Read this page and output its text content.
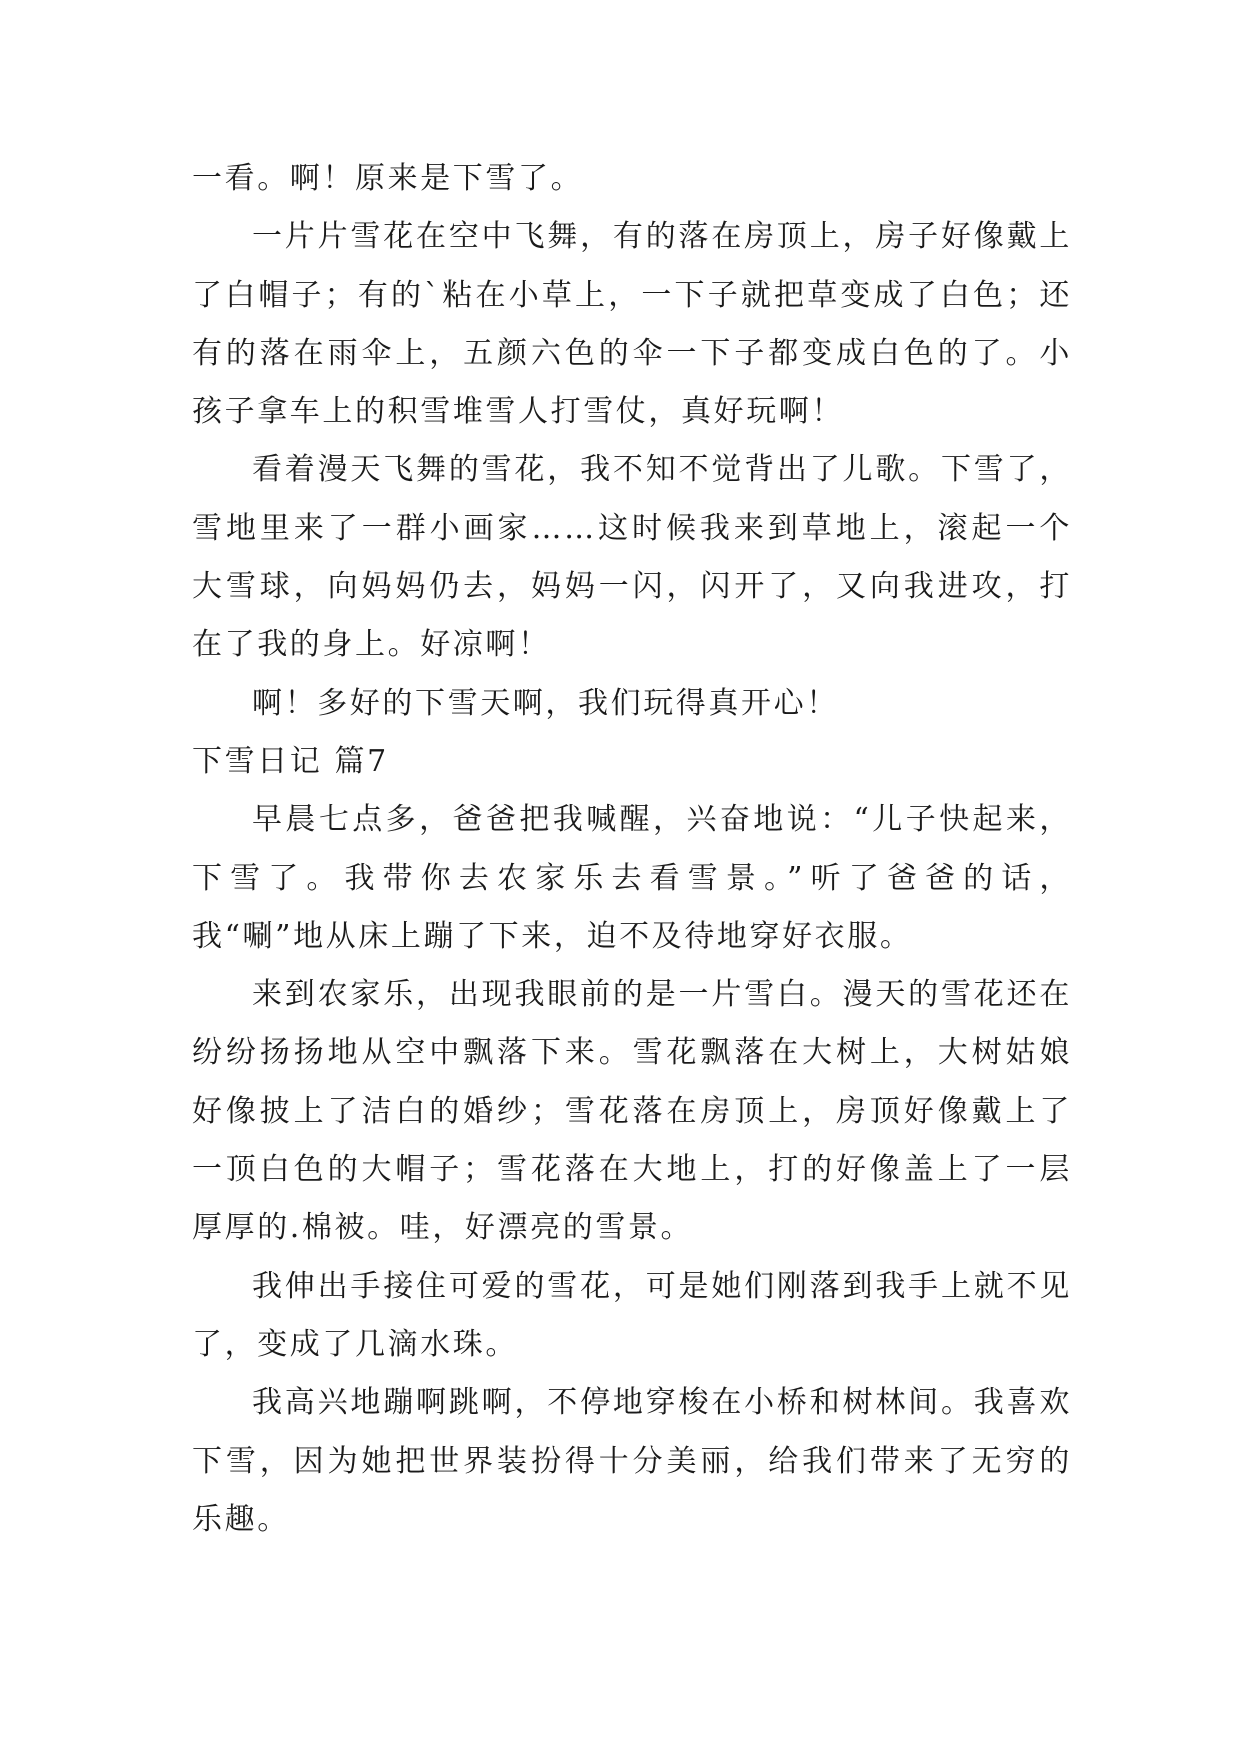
一看。啊！原来是下雪了。

一片片雪花在空中飞舞，有的落在房顶上，房子好像戴上了白帽子；有的`粘在小草上，一下子就把草变成了白色；还有的落在雨伞上，五颜六色的伞一下子都变成白色的了。小孩子拿车上的积雪堆雪人打雪仗，真好玩啊！

看着漫天飞舞的雪花，我不知不觉背出了儿歌。下雪了，雪地里来了一群小画家……这时候我来到草地上，滚起一个大雪球，向妈妈仍去，妈妈一闪，闪开了，又向我进攻，打在了我的身上。好凉啊！

啊！多好的下雪天啊，我们玩得真开心！

下雪日记 篇7

早晨七点多，爸爸把我喊醒，兴奋地说：“儿子快起来，下雪了。我带你去农家乐去看雪景。”听了爸爸的话，我“唰”地从床上蹦了下来，迫不及待地穿好衣服。

来到农家乐，出现我眼前的是一片雪白。漫天的雪花还在纷纷扬扬地从空中飘落下来。雪花飘落在大树上，大树姑娘好像披上了洁白的婚纱；雪花落在房顶上，房顶好像戴上了一顶白色的大帽子；雪花落在大地上，打的好像盖上了一层厚厚的.棉被。哇，好漂亮的雪景。

我伸出手接住可爱的雪花，可是她们刚落到我手上就不见了，变成了几滴水珠。

我高兴地蹦啊跳啊，不停地穿梭在小桥和树林间。我喜欢下雪，因为她把世界装扮得十分美丽，给我们带来了无穷的乐趣。
